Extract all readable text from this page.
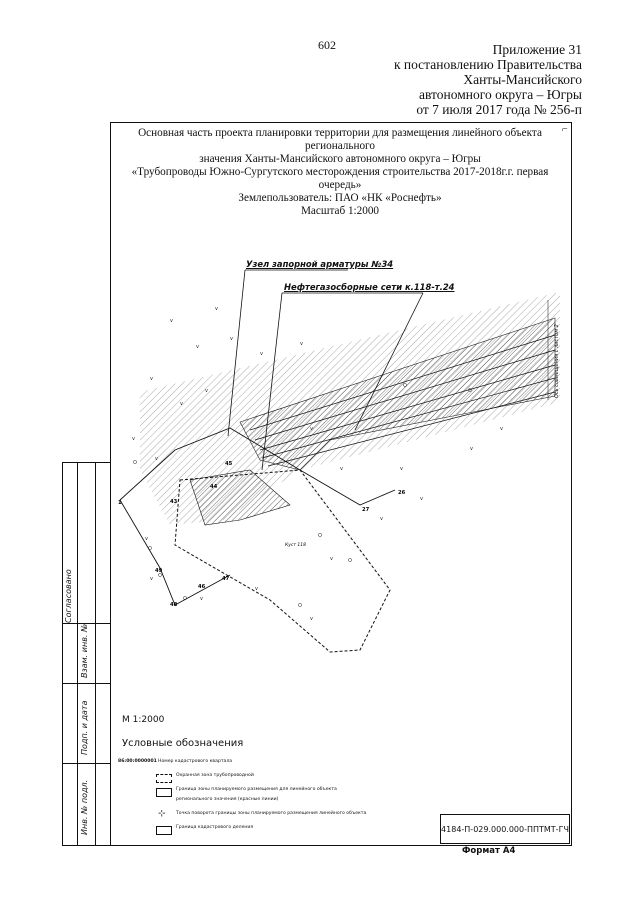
602	Приложение 31
к постановлению Правительства
Ханты-Мансийского
автономного округа – Югры
от 7 июля 2017 года № 256-п
⌐
Основная часть проекта планировки территории для размещения линейного объекта регионального
значения Ханты-Мансийского автономного округа – Югры
«Трубопроводы Южно-Сургутского месторождения строительства 2017-2018г.г. первая очередь»
Землепользователь: ПАО «НК «Роснефть»
Масштаб 1:2000
v
v
v
v
v
v
v
v
v
v
v
v
v
v
v
v
v
v
v
v
v
v
v
v
Ось совмещения с листом 2
43
44
45
46
47
48
49
26
27
1
Куст 118
Узел запорной арматуры №34
Нефтегазосборные сети к.118-т.24
Согласовано
Взам. инв. №
Подп. и дата
Инв. № подл.
М 1:2000
Условные обозначения
86:00:0000001 Номер кадастрового квартала
Охранная зона трубопроводной
Граница зоны планируемого размещения для линейного объекта
регионального значения (красные линии)
⊹ Точка поворота границы зоны планируемого размещения линейного объекта
Граница кадастрового деления	4184-П-029.000.000-ППТМТ-ГЧ
Формат А4
